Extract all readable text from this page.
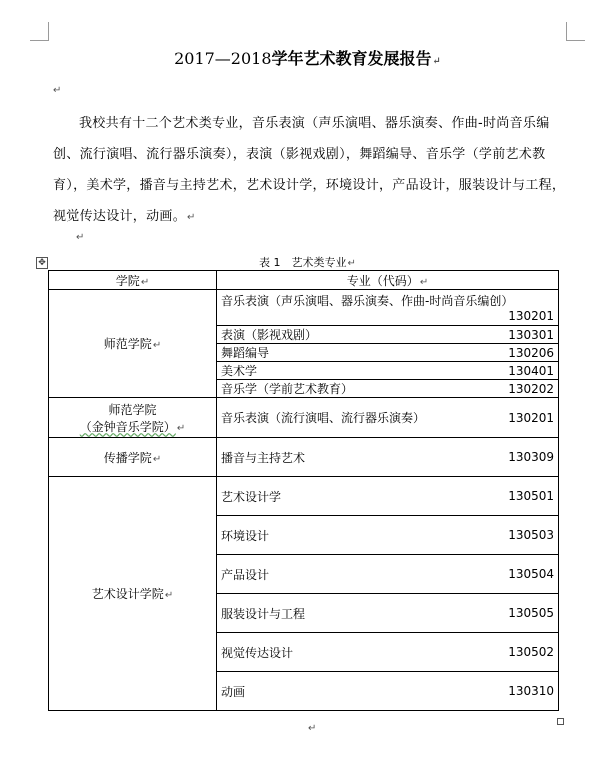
2017—2018学年艺术教育发展报告↵
↵

我校共有十二个艺术类专业，音乐表演（声乐演唱、器乐演奏、作曲-时尚音乐编创、流行演唱、流行器乐演奏），表演（影视戏剧），舞蹈编导、音乐学（学前艺术教育），美术学，播音与主持艺术，艺术设计学，环境设计，产品设计，服装设计与工程，视觉传达设计，动画。↵

↵
✥	表 1　艺术类专业↵
学院↵	专业（代码）↵
师范学院↵	音乐表演（声乐演唱、器乐演奏、作曲-时尚音乐编创）
130201

	表演（影视戏剧） 130301

	舞蹈编导 130206

	美术学 130401

	音乐学（学前艺术教育） 130202

师范学院
（金钟音乐学院）↵	音乐表演（流行演唱、流行器乐演奏） 130201

传播学院↵	播音与主持艺术 130309

艺术设计学院↵	艺术设计学 130501

	环境设计 130503

	产品设计 130504

	服装设计与工程 130505

	视觉传达设计 130502

	动画 130310
↵
